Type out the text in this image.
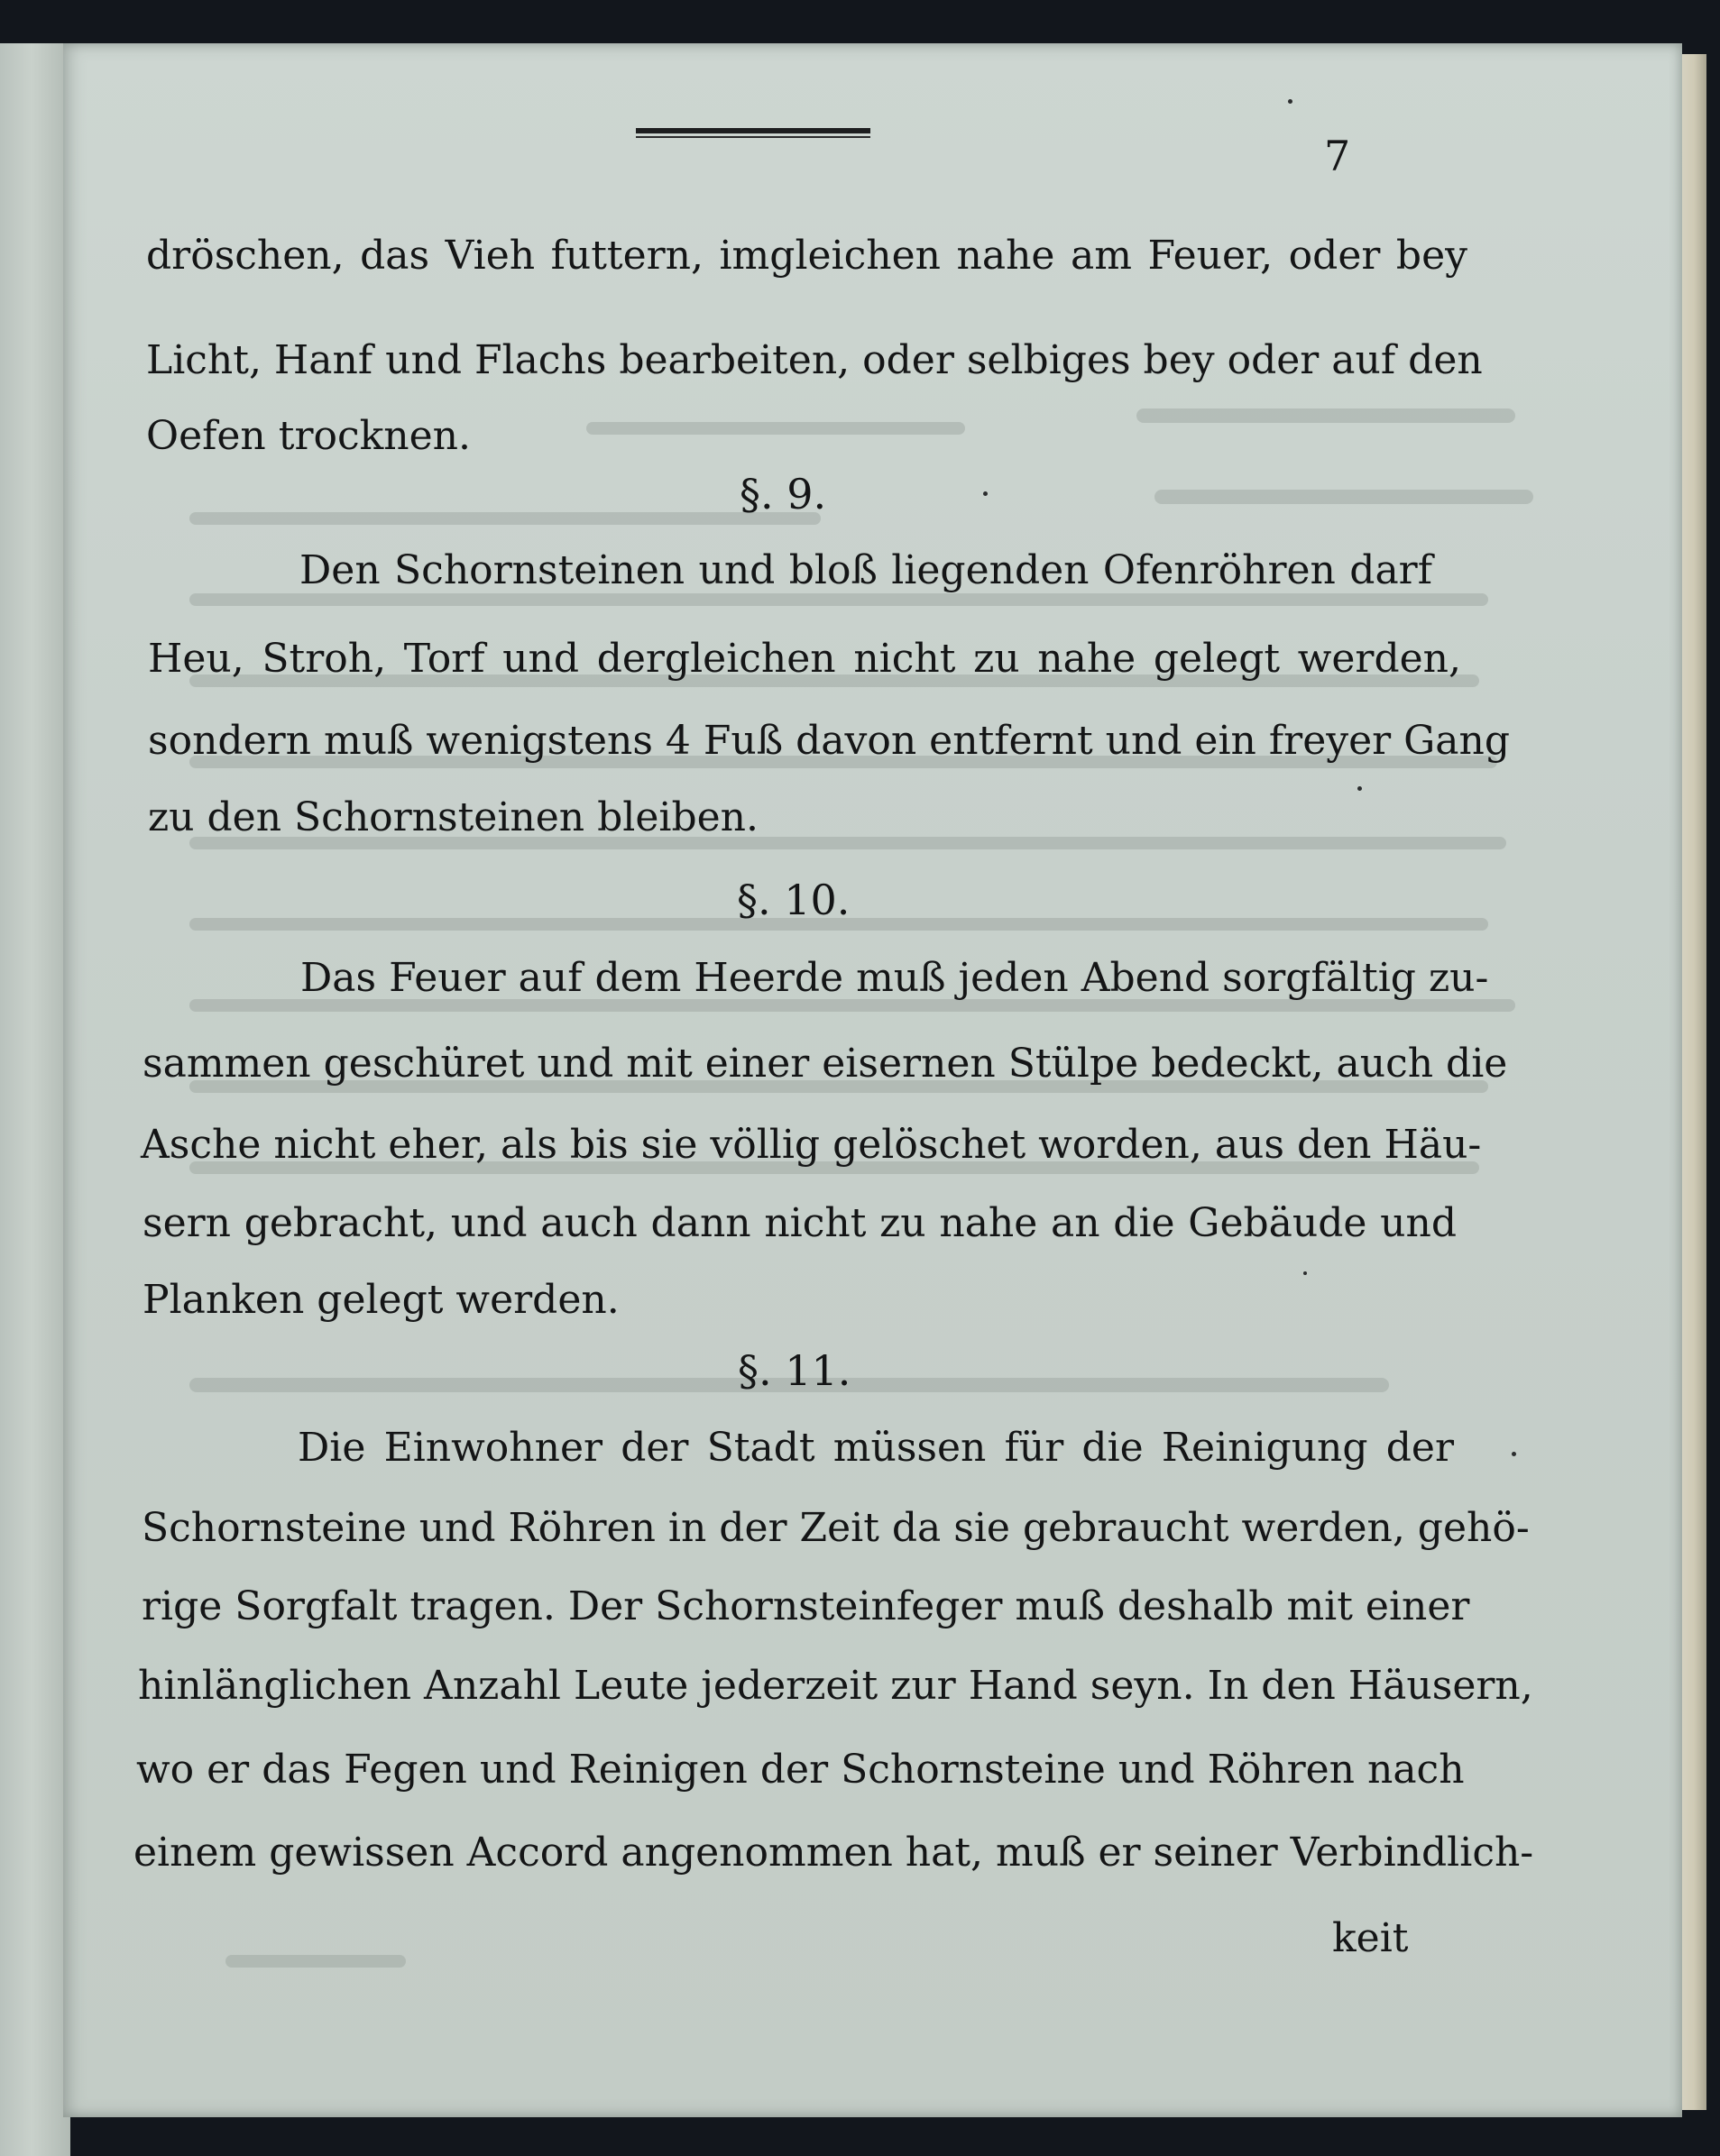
7

dröschen, das Vieh futtern, imgleichen nahe am Feuer, oder bey

Licht, Hanf und Flachs bearbeiten, oder selbiges bey oder auf den

Oefen trocknen.

§. 9.

Den Schornsteinen und bloß liegenden Ofenröhren darf

Heu, Stroh, Torf und dergleichen nicht zu nahe gelegt werden,

sondern muß wenigstens 4 Fuß davon entfernt und ein freyer Gang

zu den Schornsteinen bleiben.

§. 10.

Das Feuer auf dem Heerde muß jeden Abend sorgfältig zu-

sammen geschüret und mit einer eisernen Stülpe bedeckt, auch die

Asche nicht eher, als bis sie völlig gelöschet worden, aus den Häu-

sern gebracht, und auch dann nicht zu nahe an die Gebäude und

Planken gelegt werden.

§. 11.

Die Einwohner der Stadt müssen für die Reinigung der

Schornsteine und Röhren in der Zeit da sie gebraucht werden, gehö-

rige Sorgfalt tragen. Der Schornsteinfeger muß deshalb mit einer

hinlänglichen Anzahl Leute jederzeit zur Hand seyn. In den Häusern,

wo er das Fegen und Reinigen der Schornsteine und Röhren nach

einem gewissen Accord angenommen hat, muß er seiner Verbindlich-

keit
